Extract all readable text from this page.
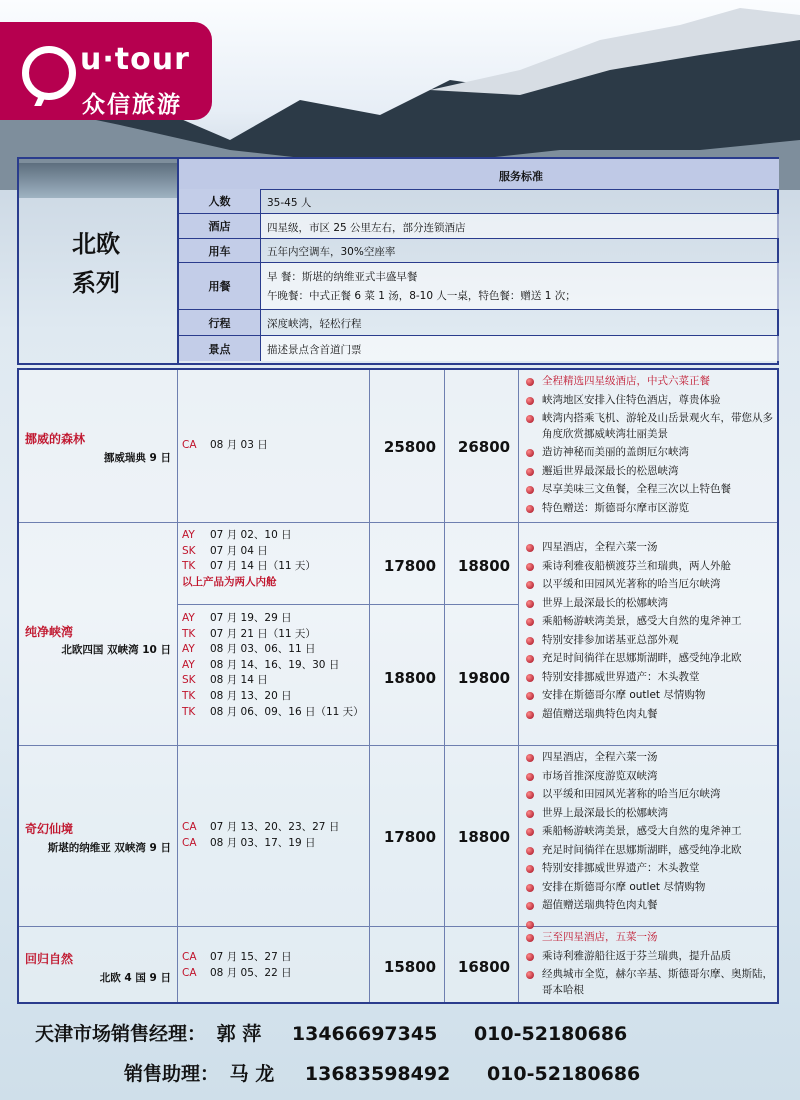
u·tour
众信旅游
北欧
系列
服务标准
人数	35-45 人
酒店	四星级，市区 25 公里左右，部分连锁酒店
用车	五年内空调车，30%空座率
用餐
早 餐：斯堪的纳维亚式丰盛早餐
午晚餐：中式正餐 6 菜 1 汤，8-10 人一桌，特色餐：赠送 1 次；
行程	深度峡湾，轻松行程
景点	描述景点含首道门票
挪威的森林
挪威瑞典 9 日
CA 08 月 03 日	25800	26800
全程精选四星级酒店，中式六菜正餐
峡湾地区安排入住特色酒店，尊贵体验
峡湾内搭乘飞机、游轮及山岳景观火车，带您从多角度欣赏挪威峡湾壮丽美景
造访神秘而美丽的盖朗厄尔峡湾
邂逅世界最深最长的松恩峡湾
尽享美味三文鱼餐，全程三次以上特色餐
特色赠送：斯德哥尔摩市区游览
纯净峡湾
北欧四国 双峡湾 10 日
AY 07 月 02、10 日
SK 07 月 04 日
TK 07 月 14 日（11 天）
以上产品为两人内舱
17800	18800
AY 07 月 19、29 日
TK 07 月 21 日（11 天）
AY 08 月 03、06、11 日
AY 08 月 14、16、19、30 日
SK 08 月 14 日
TK 08 月 13、20 日
TK 08 月 06、09、16 日（11 天）
18800	19800
四星酒店，全程六菜一汤
乘诗利雅夜船横渡芬兰和瑞典，两人外舱
以平缓和田园风光著称的哈当厄尔峡湾
世界上最深最长的松娜峡湾
乘船畅游峡湾美景，感受大自然的鬼斧神工
特别安排参加诺基亚总部外观
充足时间徜徉在思娜斯湖畔，感受纯净北欧
特别安排挪威世界遗产：木头教堂
安排在斯德哥尔摩 outlet 尽情购物
超值赠送瑞典特色肉丸餐
奇幻仙境
斯堪的纳维亚 双峡湾 9 日
CA 07 月 13、20、23、27 日
CA 08 月 03、17、19 日	17800	18800
四星酒店，全程六菜一汤
市场首推深度游览双峡湾
以平缓和田园风光著称的哈当厄尔峡湾
世界上最深最长的松娜峡湾
乘船畅游峡湾美景，感受大自然的鬼斧神工
充足时间徜徉在思娜斯湖畔，感受纯净北欧
特别安排挪威世界遗产：木头教堂
安排在斯德哥尔摩 outlet 尽情购物
超值赠送瑞典特色肉丸餐
回归自然
北欧 4 国 9 日
CA 07 月 15、27 日
CA 08 月 05、22 日	15800	16800
三至四星酒店，五菜一汤
乘诗利雅游船往返于芬兰瑞典，提升品质
经典城市全览，赫尔辛基、斯德哥尔摩、奥斯陆，哥本哈根
天津市场销售经理： 郭 萍 13466697345 010-52180686
销售助理： 马 龙 13683598492 010-52180686
